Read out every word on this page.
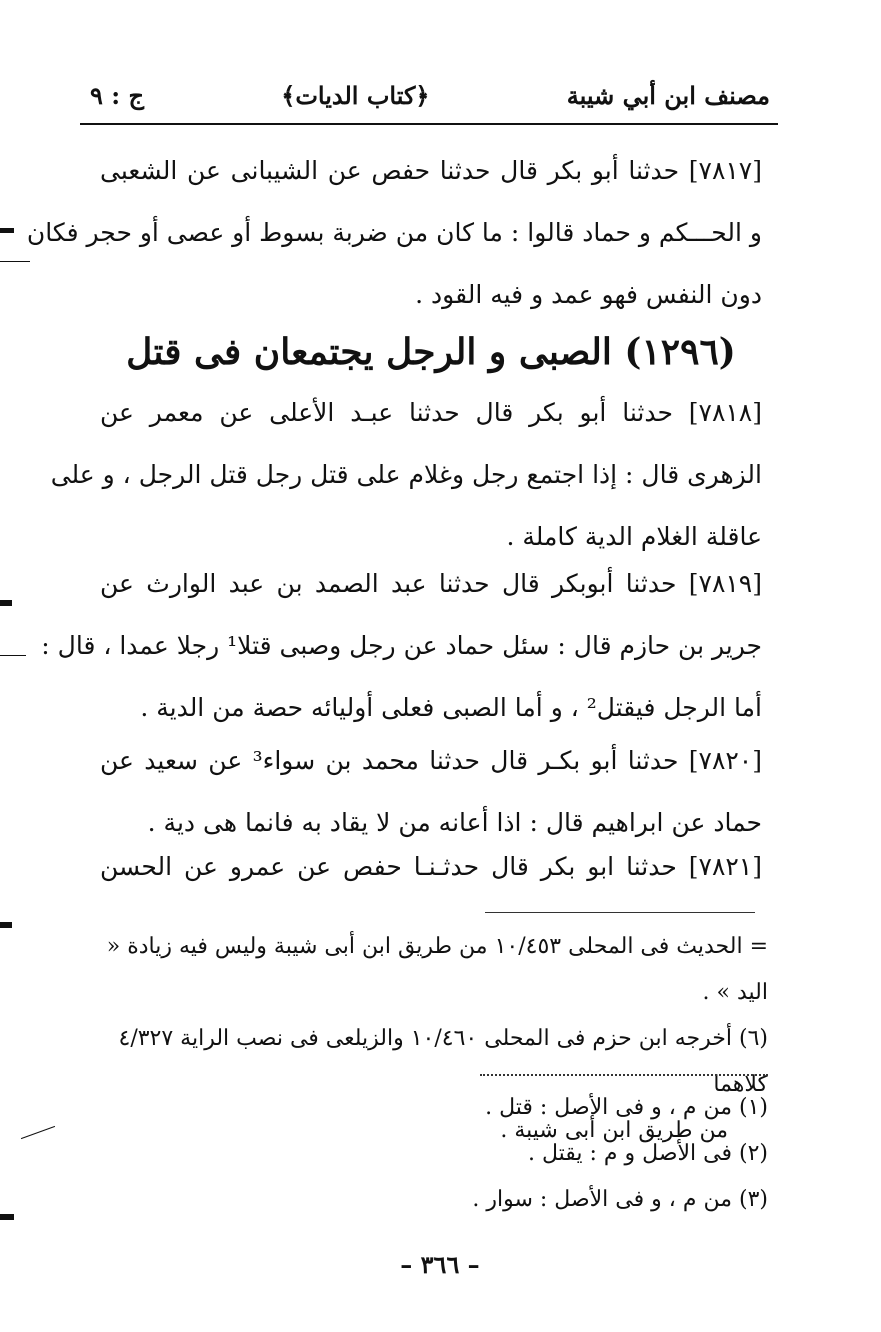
مصنف ابن أبي شيبة
﴿كتاب الديات﴾
ج : ٩
[٧٨١٧] حدثنا أبو بكر قال حدثنا حفص عن الشيبانى عن الشعبى
و الحـــكم و حماد قالوا : ما كان من ضربة بسوط أو عصى أو حجر فكان
دون النفس فهو عمد و فيه القود .
(١٢٩٦) الصبى و الرجل يجتمعان فى قتل
[٧٨١٨] حدثنا أبو بكر قال حدثنا عبـد الأعلى عن معمر عن
الزهرى قال : إذا اجتمع رجل وغلام على قتل رجل قتل الرجل ، و على
عاقلة الغلام الدية كاملة .
[٧٨١٩] حدثنا أبوبكر قال حدثنا عبد الصمد بن عبد الوارث عن
جرير بن حازم قال : سئل حماد عن رجل وصبى قتلا¹ رجلا عمدا ، قال :
أما الرجل فيقتل² ، و أما الصبى فعلى أوليائه حصة من الدية .
[٧٨٢٠] حدثنا أبو بكـر قال حدثنا محمد بن سواء³ عن سعيد عن
حماد عن ابراهيم قال : اذا أعانه من لا يقاد به فانما هى دية .
[٧٨٢١] حدثنا ابو بكر قال حدثـنـا حفص عن عمرو عن الحسن
= الحديث فى المحلى ١٠/٤٥٣ من طريق ابن أبى شيبة وليس فيه زيادة « اليد » .
(٦) أخرجه ابن حزم فى المحلى ١٠/٤٦٠ والزيلعى فى نصب الراية ٤/٣٢٧ كلاهما
من طريق ابن أبى شيبة .
(١) من م ، و فى الأصل : قتل .
(٢) فى الأصل و م : يقتل .
(٣) من م ، و فى الأصل : سوار .
– ٣٦٦ –
